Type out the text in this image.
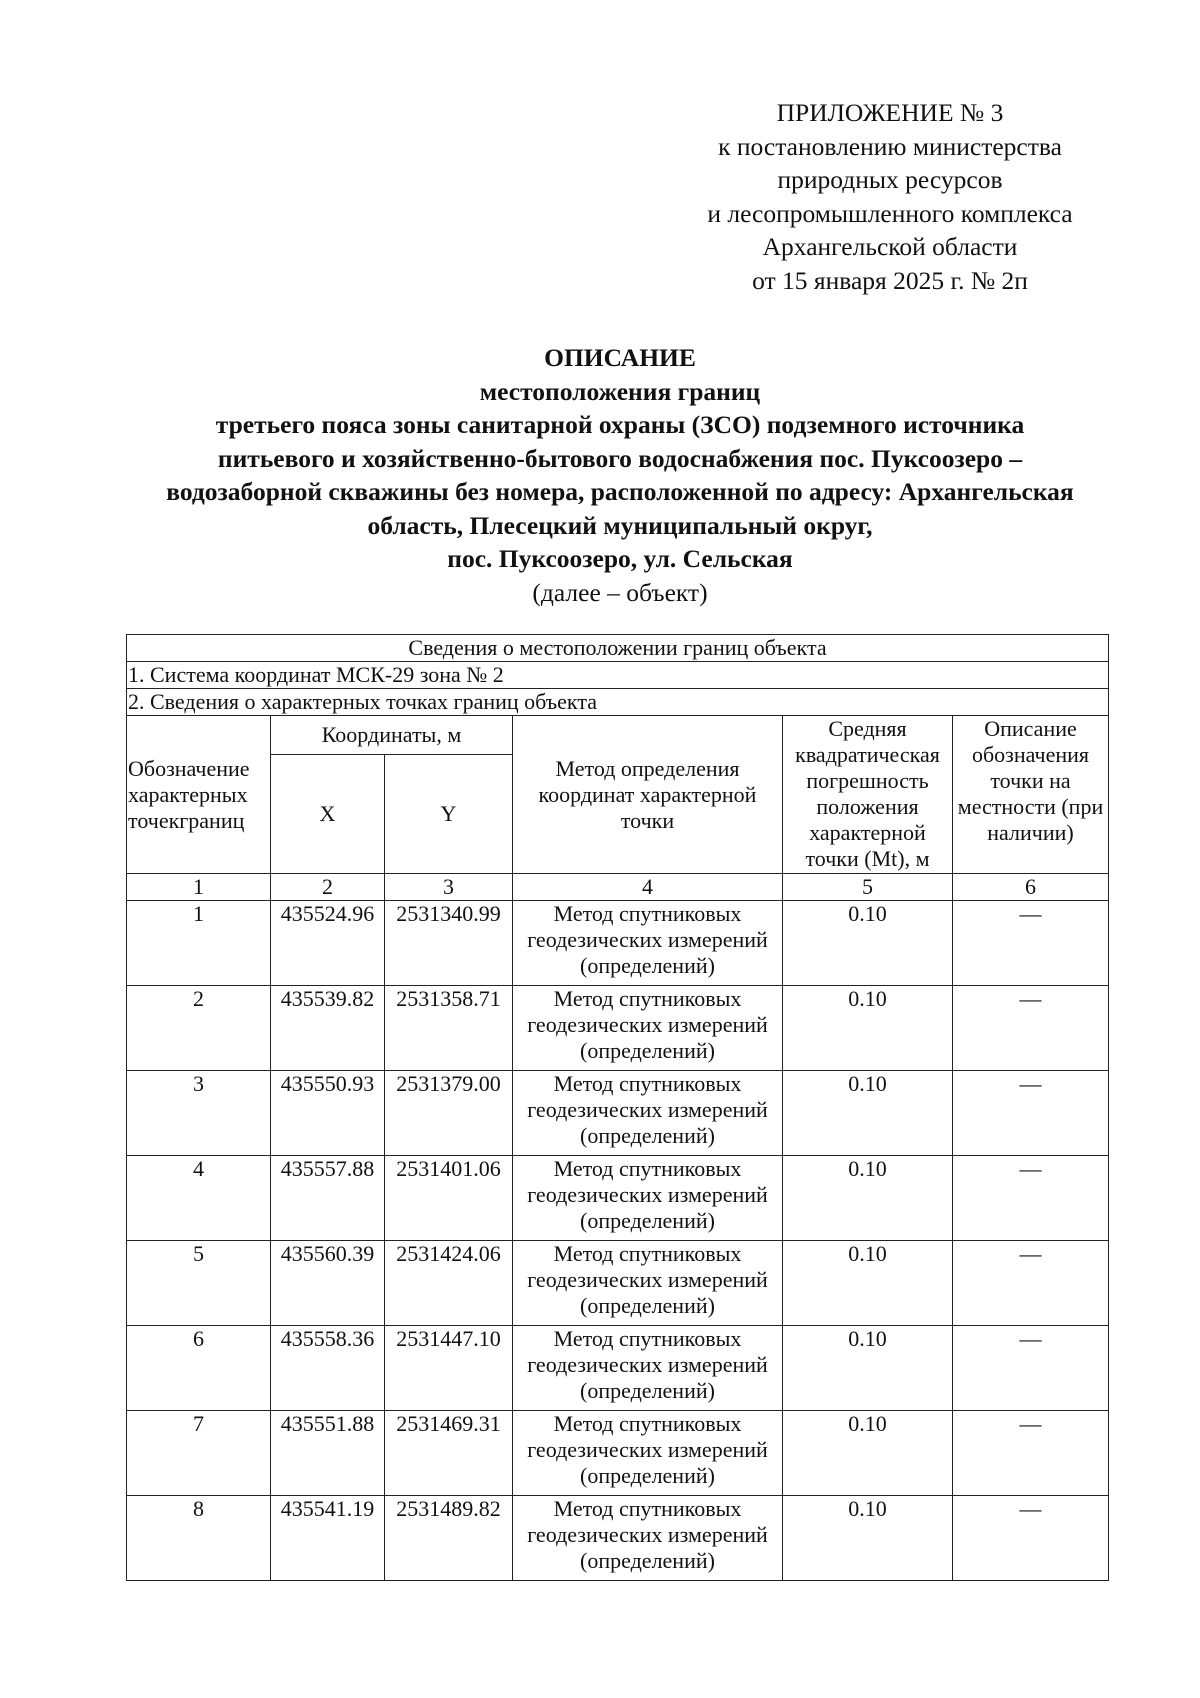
ПРИЛОЖЕНИЕ № 3
к постановлению министерства
природных ресурсов
и лесопромышленного комплекса
Архангельской области
от 15 января 2025 г. № 2п
ОПИСАНИЕ
местоположения границ
третьего пояса зоны санитарной охраны (ЗСО) подземного источника
питьевого и хозяйственно-бытового водоснабжения пос. Пуксоозеро –
водозаборной скважины без номера, расположенной по адресу: Архангельская
область, Плесецкий муниципальный округ,
пос. Пуксоозеро, ул. Сельская
(далее – объект)
Сведения о местоположении границ объекта					
1. Система координат МСК-29 зона № 2					
2. Сведения о характерных точках границ объекта					
Обозначение характерных точекграниц	Координаты, м		Метод определения координат характерной точки	Средняя квадратическая погрешность положения характерной точки (Mt), м	Описание обозначения точки на местности (при наличии)
	X	Y			
1	2	3	4	5	6
1	435524.96	2531340.99	Метод спутниковых геодезических измерений (определений)	0.10	—
2	435539.82	2531358.71	Метод спутниковых геодезических измерений (определений)	0.10	—
3	435550.93	2531379.00	Метод спутниковых геодезических измерений (определений)	0.10	—
4	435557.88	2531401.06	Метод спутниковых геодезических измерений (определений)	0.10	—
5	435560.39	2531424.06	Метод спутниковых геодезических измерений (определений)	0.10	—
6	435558.36	2531447.10	Метод спутниковых геодезических измерений (определений)	0.10	—
7	435551.88	2531469.31	Метод спутниковых геодезических измерений (определений)	0.10	—
8	435541.19	2531489.82	Метод спутниковых геодезических измерений (определений)	0.10	—
